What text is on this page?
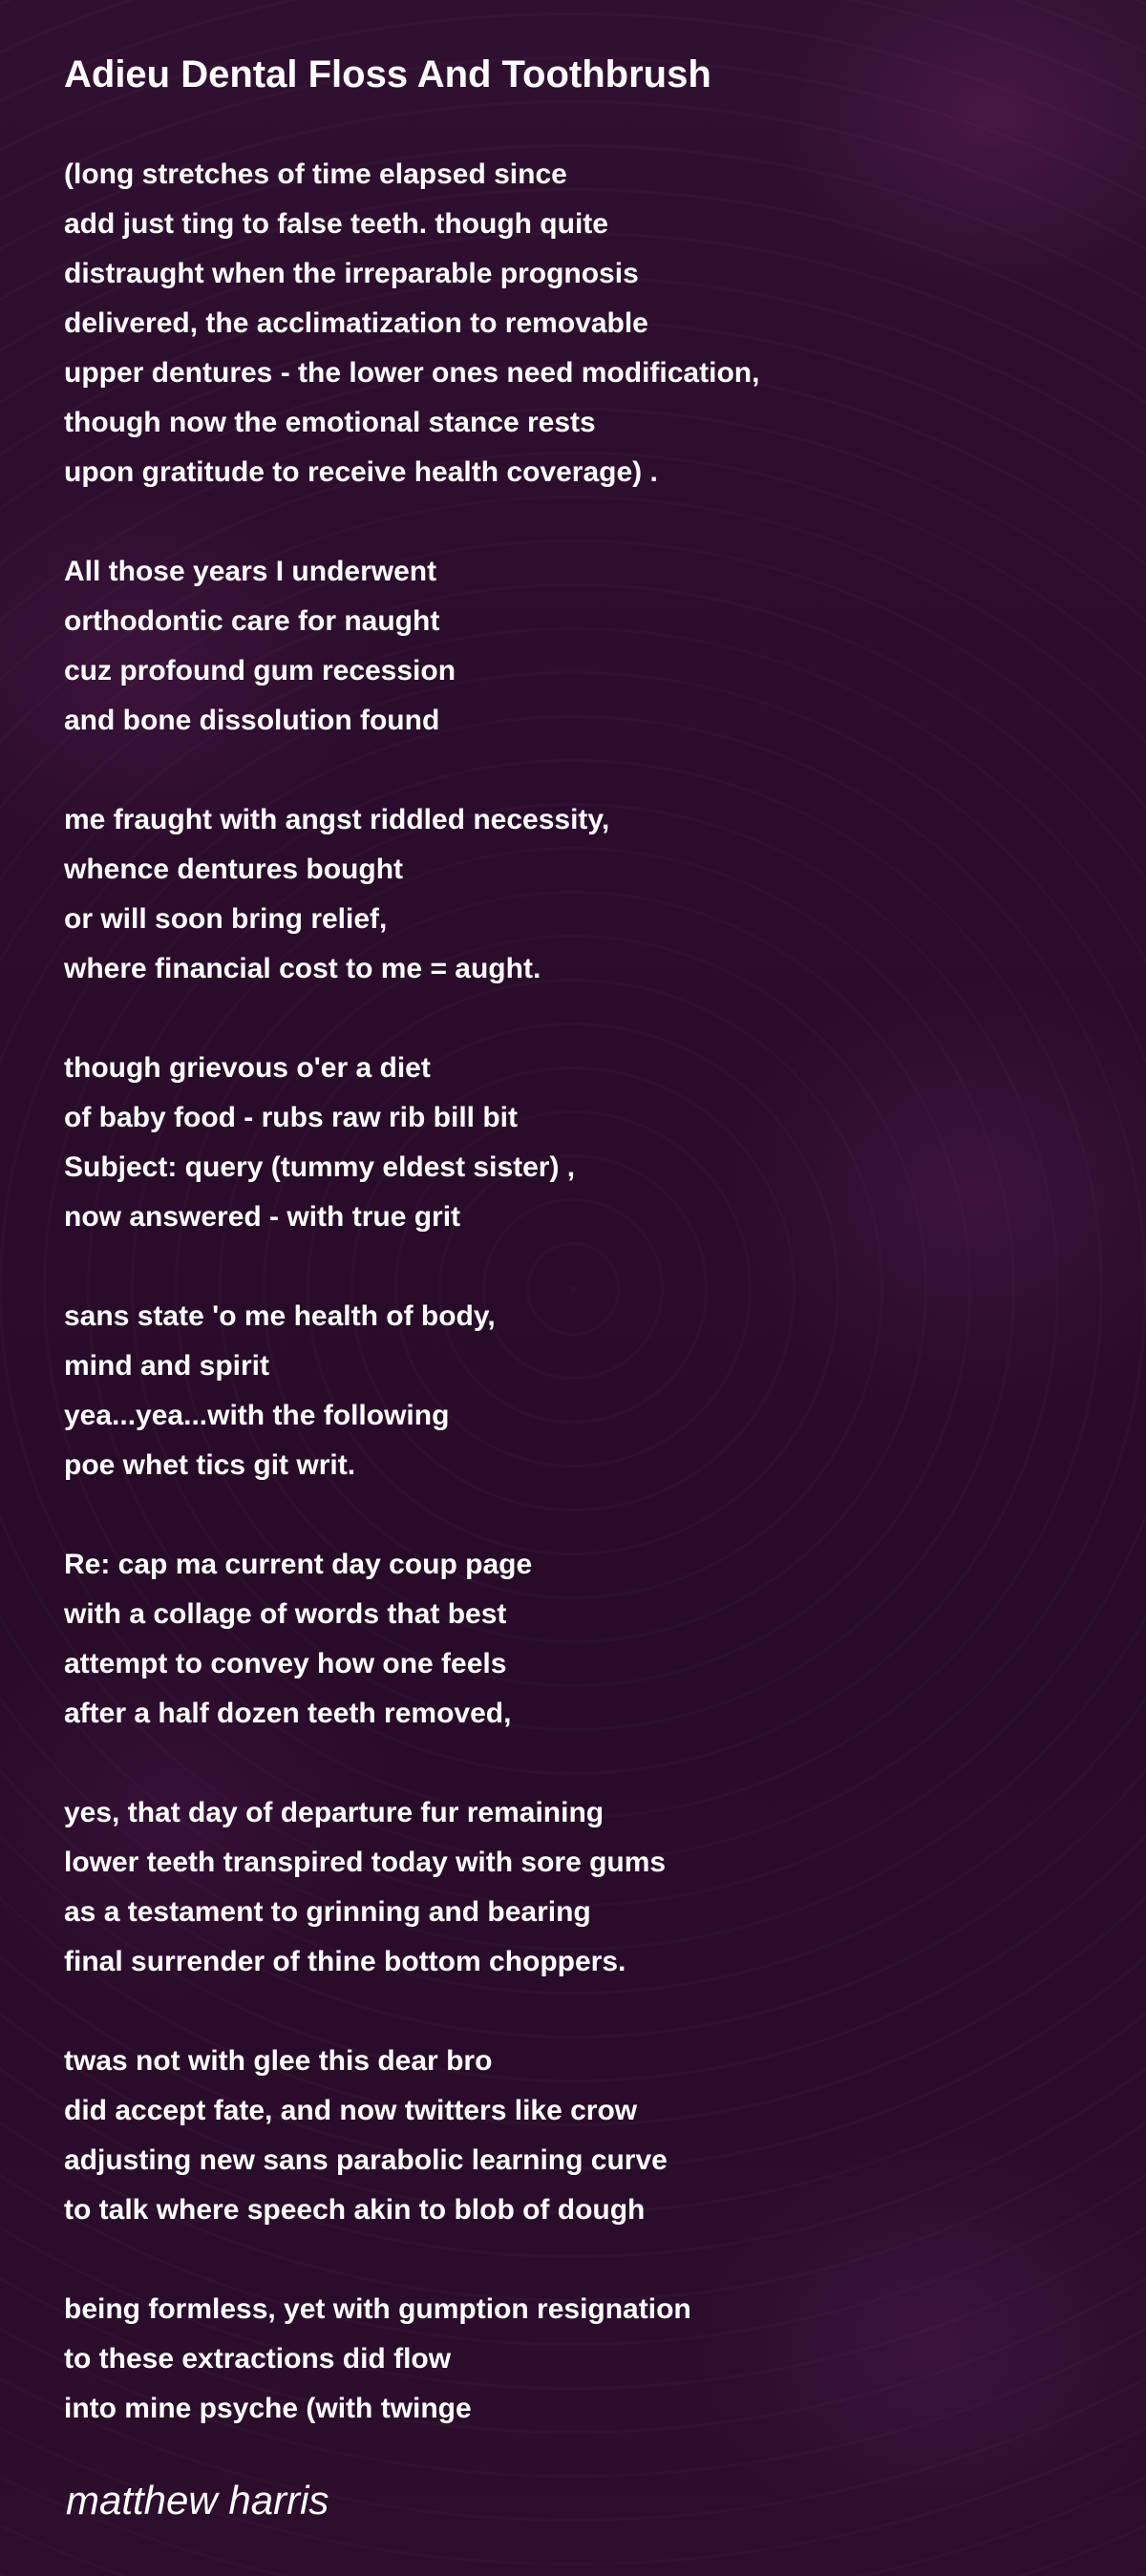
Adieu Dental Floss And Toothbrush
(long stretches of time elapsed since
add just ting to false teeth. though quite
distraught when the irreparable prognosis
delivered, the acclimatization to removable
upper dentures - the lower ones need modification,
though now the emotional stance rests
upon gratitude to receive health coverage) .
All those years I underwent
orthodontic care for naught
cuz profound gum recession
and bone dissolution found
me fraught with angst riddled necessity,
whence dentures bought
or will soon bring relief,
where financial cost to me = aught.
though grievous o'er a diet
of baby food - rubs raw rib bill bit
Subject: query (tummy eldest sister) ,
now answered - with true grit
sans state 'o me health of body,
mind and spirit
yea...yea...with the following
poe whet tics git writ.
Re: cap ma current day coup page
with a collage of words that best
attempt to convey how one feels
after a half dozen teeth removed,
yes, that day of departure fur remaining
lower teeth transpired today with sore gums
as a testament to grinning and bearing
final surrender of thine bottom choppers.
twas not with glee this dear bro
did accept fate, and now twitters like crow
adjusting new sans parabolic learning curve
to talk where speech akin to blob of dough
being formless, yet with gumption resignation
to these extractions did flow
into mine psyche (with twinge
matthew harris
